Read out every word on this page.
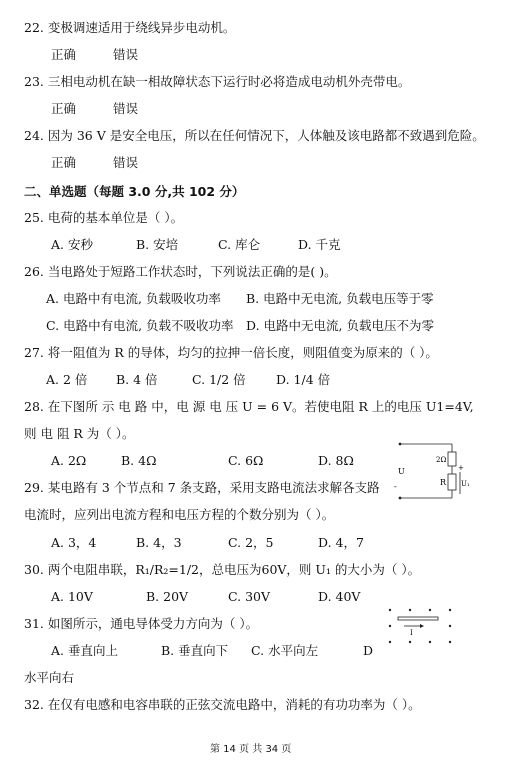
22. 变极调速适用于绕线异步电动机。
正确	错误
23. 三相电动机在缺一相故障状态下运行时必将造成电动机外壳带电。
正确	错误
24. 因为 36 V 是安全电压，所以在任何情况下，人体触及该电路都不致遇到危险。
正确	错误
二、单选题（每题 3.0 分,共 102 分）
25. 电荷的基本单位是（ ）。
A. 安秒	B. 安培	C. 库仑	D. 千克
26. 当电路处于短路工作状态时，下列说法正确的是( )。
A. 电路中有电流, 负载吸收功率 B. 电路中无电流, 负载电压等于零
C. 电路中有电流, 负载不吸收功率 D. 电路中无电流, 负载电压不为零
27. 将一阻值为 R 的导体，均匀的拉抻一倍长度，则阻值变为原来的（ ）。
A. 2 倍 B. 4 倍	C. 1/2 倍 D. 1/4 倍
28. 在下图所 示 电 路 中，电 源 电 压 U = 6 V。若使电阻 R 上的电压 U1=4V,
则 电 阻 R 为（ ）。
A. 2Ω	B. 4Ω	C. 6Ω	D. 8Ω	2Ω
U
R U₁
+
-
29. 某电路有 3 个节点和 7 条支路，采用支路电流法求解各支路
电流时，应列出电流方程和电压方程的个数分别为（ ）。
A. 3，4	B. 4，3	C. 2，5	D. 4，7
30. 两个电阻串联，R₁/R₂=1/2，总电压为60V，则 U₁ 的大小为（ ）。
A. 10V	B. 20V	C. 30V	D. 40V
31. 如图所示，通电导体受力方向为（ ）。
A. 垂直向上	B. 垂直向下 C. 水平向左	D
水平向右
I
32. 在仅有电感和电容串联的正弦交流电路中，消耗的有功功率为（ ）。
第 14 页 共 34 页
